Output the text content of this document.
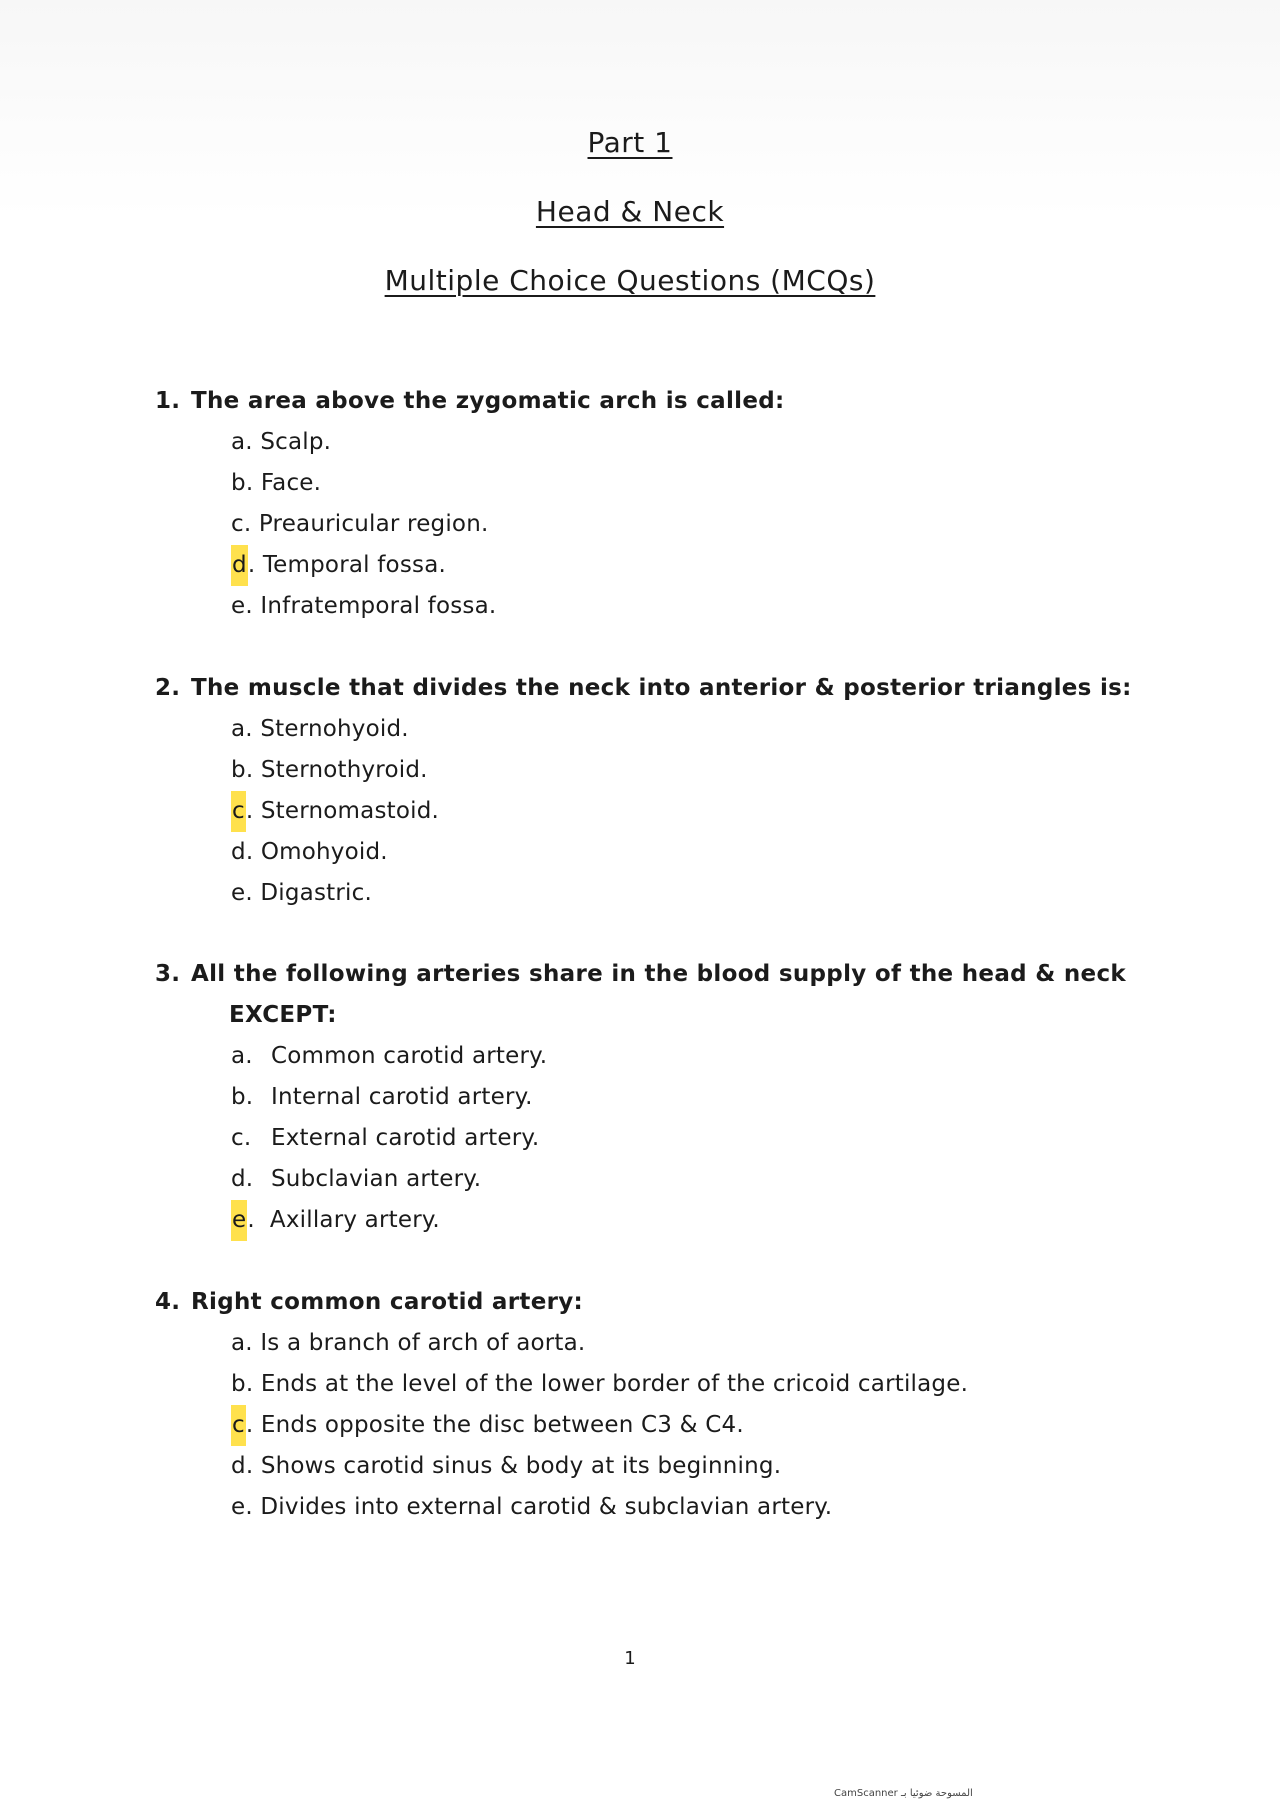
Part 1
Head & Neck
Multiple Choice Questions (MCQs)
1. The area above the zygomatic arch is called:
a. Scalp.
b. Face.
c. Preauricular region.
d. Temporal fossa.
e. Infratemporal fossa.
2. The muscle that divides the neck into anterior & posterior triangles is:
a. Sternohyoid.
b. Sternothyroid.
c. Sternomastoid.
d. Omohyoid.
e. Digastric.
3. All the following arteries share in the blood supply of the head & neck
EXCEPT:
a. Common carotid artery.
b. Internal carotid artery.
c. External carotid artery.
d. Subclavian artery.
e.  Axillary artery.
4. Right common carotid artery:
a. Is a branch of arch of aorta.
b. Ends at the level of the lower border of the cricoid cartilage.
c. Ends opposite the disc between C3 & C4.
d. Shows carotid sinus & body at its beginning.
e. Divides into external carotid & subclavian artery.
1
CamScanner المسوحة ضوئيا بـ
